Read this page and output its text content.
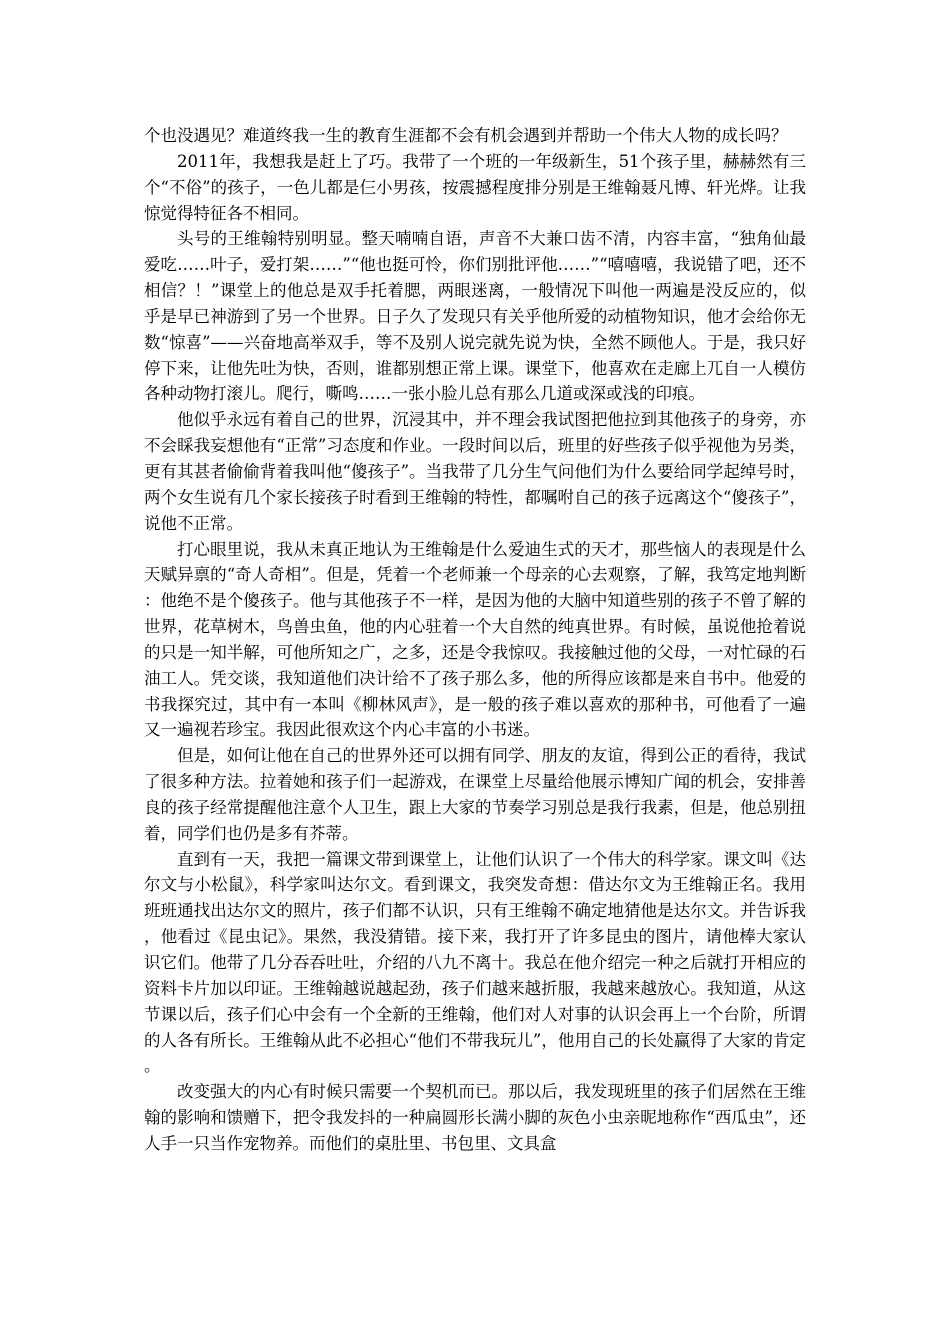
个也没遇见？难道终我一生的教育生涯都不会有机会遇到并帮助一个伟大人物的成长吗？

2011年，我想我是赶上了巧。我带了一个班的一年级新生，51个孩子里，赫赫然有三个“不俗”的孩子，一色儿都是仨小男孩，按震撼程度排分别是王维翰聂凡博、轩光烨。让我惊觉得特征各不相同。

头号的王维翰特别明显。整天喃喃自语，声音不大兼口齿不清，内容丰富，“独角仙最爱吃……叶子，爱打架……”“他也挺可怜，你们别批评他……”“嘻嘻嘻，我说错了吧，还不相信？！”课堂上的他总是双手托着腮，两眼迷离，一般情况下叫他一两遍是没反应的，似乎是早已神游到了另一个世界。日子久了发现只有关乎他所爱的动植物知识，他才会给你无数“惊喜”——兴奋地高举双手，等不及别人说完就先说为快，全然不顾他人。于是，我只好停下来，让他先吐为快，否则，谁都别想正常上课。课堂下，他喜欢在走廊上兀自一人模仿各种动物打滚儿。爬行，嘶鸣……一张小脸儿总有那么几道或深或浅的印痕。

他似乎永远有着自己的世界，沉浸其中，并不理会我试图把他拉到其他孩子的身旁，亦不会睬我妄想他有“正常”习态度和作业。一段时间以后，班里的好些孩子似乎视他为另类，更有其甚者偷偷背着我叫他“傻孩子”。当我带了几分生气问他们为什么要给同学起绰号时，两个女生说有几个家长接孩子时看到王维翰的特性，都嘱咐自己的孩子远离这个“傻孩子”，说他不正常。

打心眼里说，我从未真正地认为王维翰是什么爱迪生式的天才，那些恼人的表现是什么天赋异禀的“奇人奇相”。但是，凭着一个老师兼一个母亲的心去观察，了解，我笃定地判断：他绝不是个傻孩子。他与其他孩子不一样，是因为他的大脑中知道些别的孩子不曾了解的世界，花草树木，鸟兽虫鱼，他的内心驻着一个大自然的纯真世界。有时候，虽说他抢着说的只是一知半解，可他所知之广，之多，还是令我惊叹。我接触过他的父母，一对忙碌的石油工人。凭交谈，我知道他们决计给不了孩子那么多，他的所得应该都是来自书中。他爱的书我探究过，其中有一本叫《柳林风声》，是一般的孩子难以喜欢的那种书，可他看了一遍又一遍视若珍宝。我因此很欢这个内心丰富的小书迷。

但是，如何让他在自己的世界外还可以拥有同学、朋友的友谊，得到公正的看待，我试了很多种方法。拉着她和孩子们一起游戏，在课堂上尽量给他展示博知广闻的机会，安排善良的孩子经常提醒他注意个人卫生，跟上大家的节奏学习别总是我行我素，但是，他总别扭着，同学们也仍是多有芥蒂。

直到有一天，我把一篇课文带到课堂上，让他们认识了一个伟大的科学家。课文叫《达尔文与小松鼠》，科学家叫达尔文。看到课文，我突发奇想：借达尔文为王维翰正名。我用班班通找出达尔文的照片，孩子们都不认识，只有王维翰不确定地猜他是达尔文。并告诉我，他看过《昆虫记》。果然，我没猜错。接下来，我打开了许多昆虫的图片，请他棒大家认识它们。他带了几分吞吞吐吐，介绍的八九不离十。我总在他介绍完一种之后就打开相应的资料卡片加以印证。王维翰越说越起劲，孩子们越来越折服，我越来越放心。我知道，从这节课以后，孩子们心中会有一个全新的王维翰，他们对人对事的认识会再上一个台阶，所谓的人各有所长。王维翰从此不必担心“他们不带我玩儿”，他用自己的长处赢得了大家的肯定。

改变强大的内心有时候只需要一个契机而已。那以后，我发现班里的孩子们居然在王维翰的影响和馈赠下，把令我发抖的一种扁圆形长满小脚的灰色小虫亲昵地称作“西瓜虫”，还人手一只当作宠物养。而他们的桌肚里、书包里、文具盒
